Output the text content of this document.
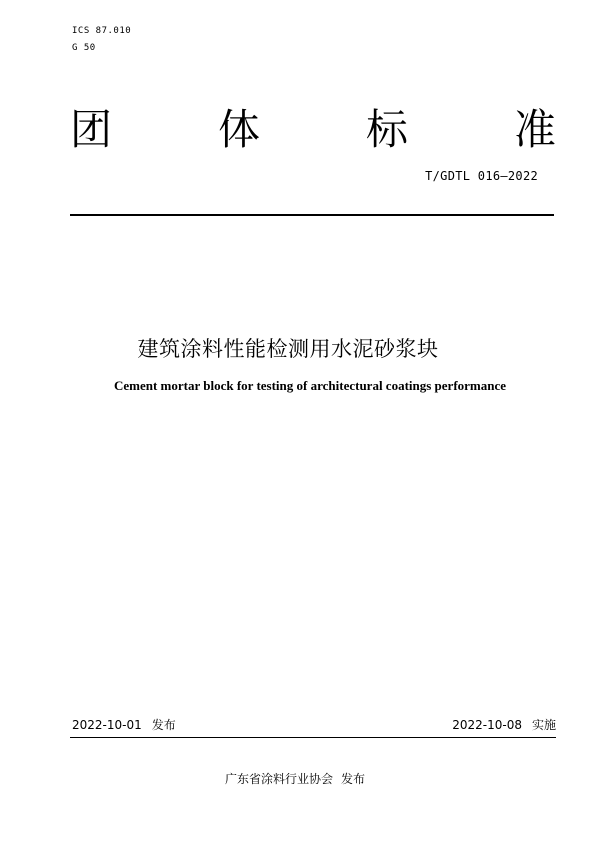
ICS 87.010
G 50
团	体	标	准
T/GDTL 016—2022
建筑涂料性能检测用水泥砂浆块
Cement mortar block for testing of architectural coatings performance
2022-10-01 发布	2022-10-08 实施
广东省涂料行业协会 发布
